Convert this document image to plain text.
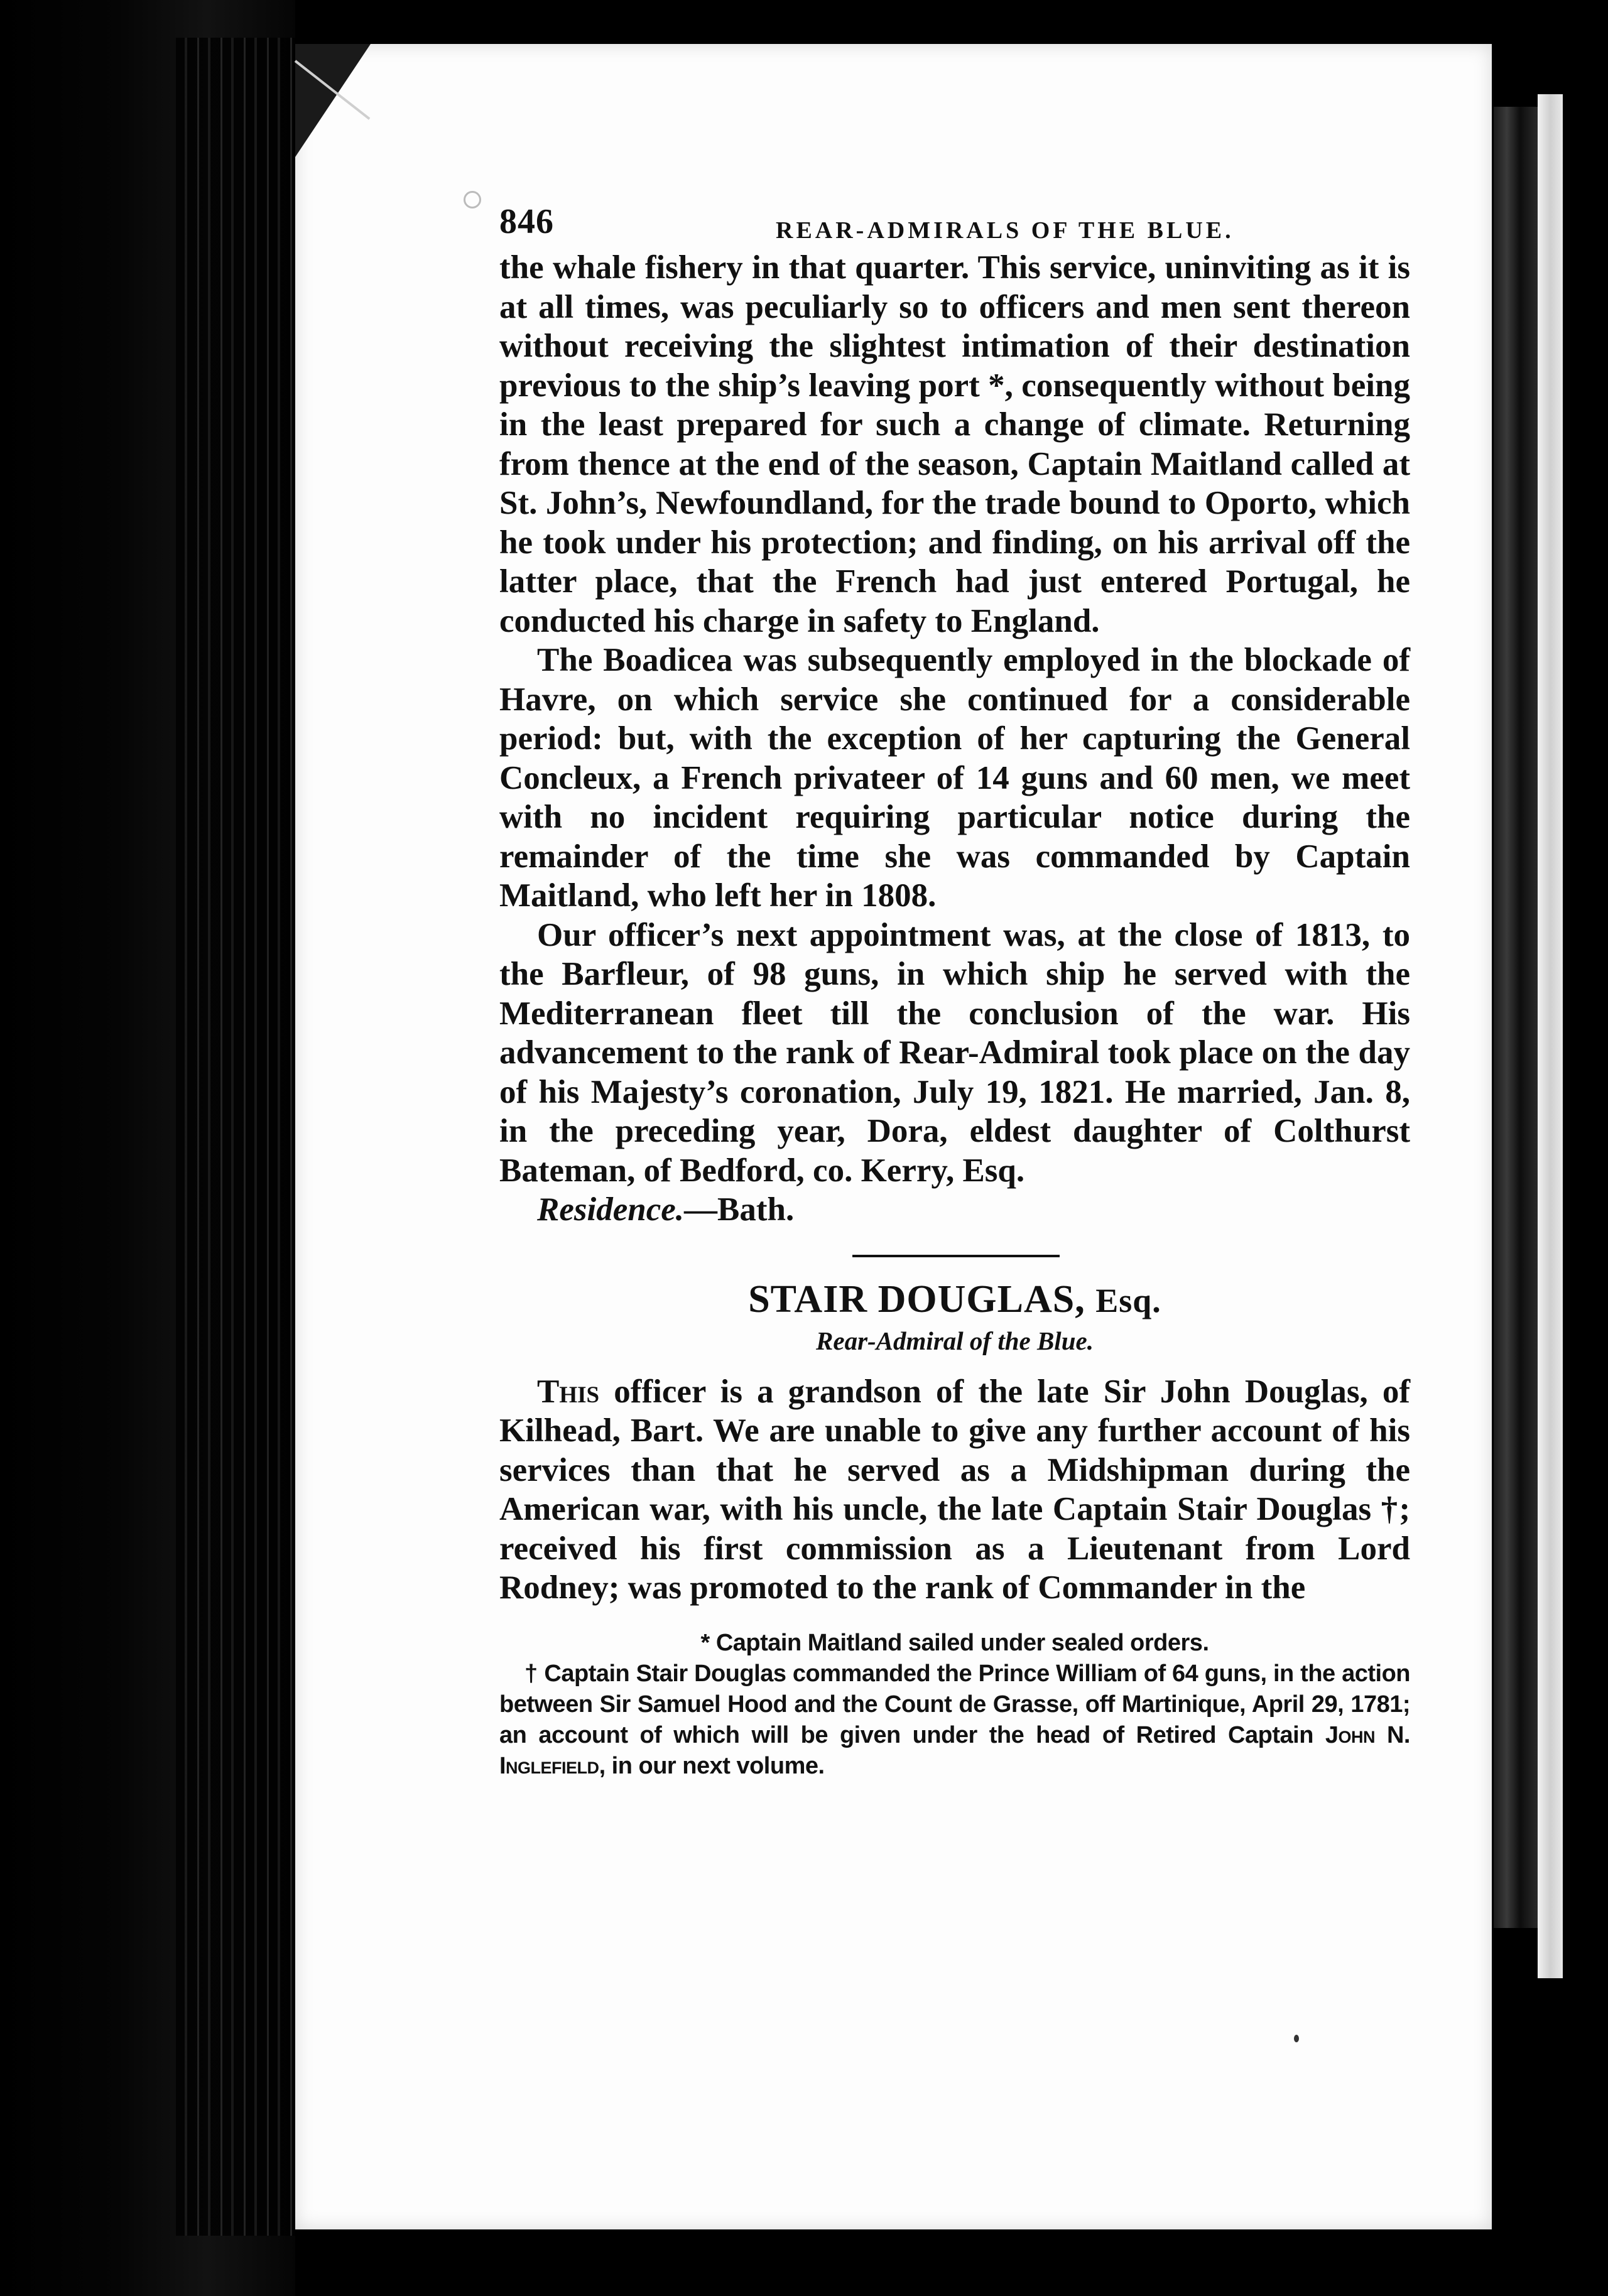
846	REAR-ADMIRALS OF THE BLUE.

the whale fishery in that quarter. This service, uninviting as it is at all times, was peculiarly so to officers and men sent thereon without receiving the slightest intimation of their destination previous to the ship’s leaving port *, consequently without being in the least prepared for such a change of climate. Returning from thence at the end of the season, Captain Maitland called at St. John’s, Newfoundland, for the trade bound to Oporto, which he took under his protection; and finding, on his arrival off the latter place, that the French had just entered Portugal, he conducted his charge in safety to England.

The Boadicea was subsequently employed in the blockade of Havre, on which service she continued for a considerable period: but, with the exception of her capturing the General Concleux, a French privateer of 14 guns and 60 men, we meet with no incident requiring particular notice during the remainder of the time she was commanded by Captain Maitland, who left her in 1808.

Our officer’s next appointment was, at the close of 1813, to the Barfleur, of 98 guns, in which ship he served with the Mediterranean fleet till the conclusion of the war. His advancement to the rank of Rear-Admiral took place on the day of his Majesty’s coronation, July 19, 1821. He married, Jan. 8, in the preceding year, Dora, eldest daughter of Colthurst Bateman, of Bedford, co. Kerry, Esq.

Residence.—Bath.

STAIR DOUGLAS, Esq.
Rear-Admiral of the Blue.

This officer is a grandson of the late Sir John Douglas, of Kilhead, Bart. We are unable to give any further account of his services than that he served as a Midshipman during the American war, with his uncle, the late Captain Stair Douglas †; received his first commission as a Lieutenant from Lord Rodney; was promoted to the rank of Commander in the

* Captain Maitland sailed under sealed orders.

† Captain Stair Douglas commanded the Prince William of 64 guns, in the action between Sir Samuel Hood and the Count de Grasse, off Martinique, April 29, 1781; an account of which will be given under the head of Retired Captain John N. Inglefield, in our next volume.
